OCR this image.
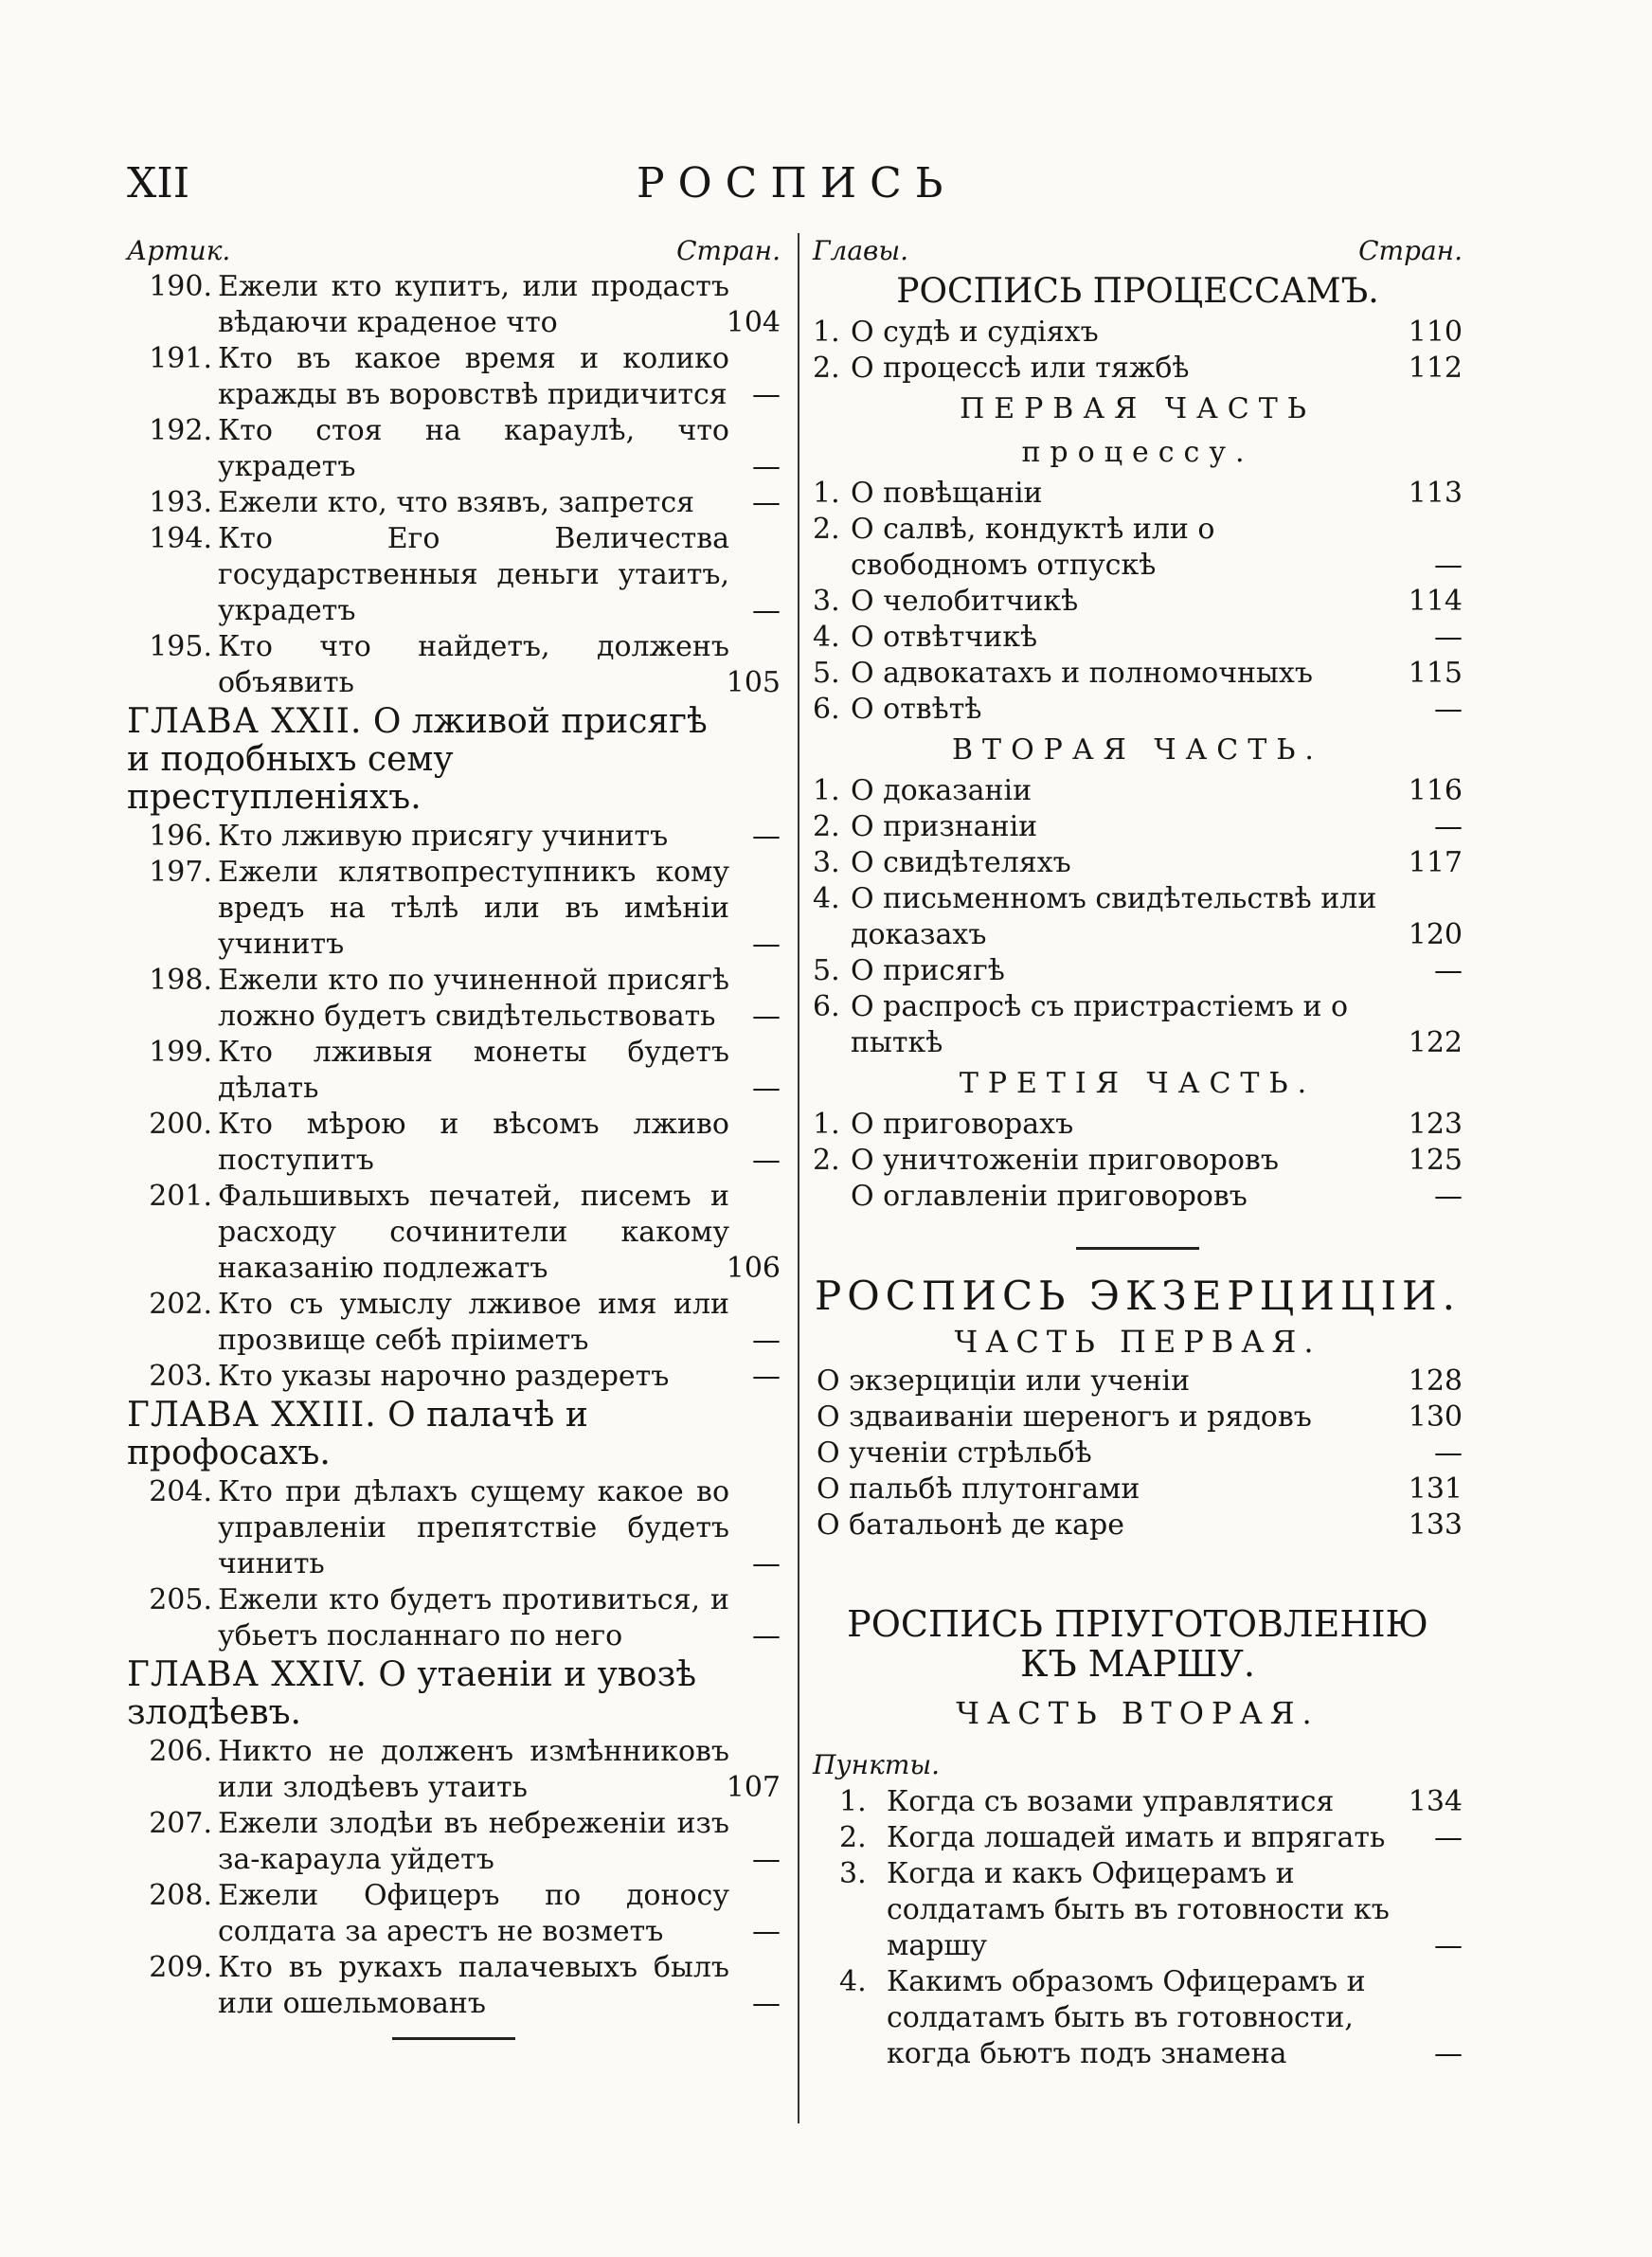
XII	РОСПИСЬ
Артик.	Стран.
190. Ежели кто купитъ, или продастъ вѣдаючи краденое что	104
191. Кто въ какое время и колико кражды въ воровствѣ придичится —
192. Кто стоя на караулѣ, что украдетъ	—
193. Ежели кто, что взявъ, запрется —
194. Кто Его Величества государственныя деньги утаитъ, украдетъ	—
195. Кто что найдетъ, долженъ объявить	105
ГЛАВА XXII. О лживой присягѣ и подобныхъ сему преступленіяхъ.
196. Кто лживую присягу учинитъ	—
197. Ежели клятвопреступникъ кому вредъ на тѣлѣ или въ имѣніи учинитъ	—
198. Ежели кто по учиненной присягѣ ложно будетъ свидѣтельствовать —
199. Кто лживыя монеты будетъ дѣлать	—
200. Кто мѣрою и вѣсомъ лживо поступитъ	—
201. Фальшивыхъ печатей, писемъ и расходу сочинители какому наказанію подлежатъ	106
202. Кто съ умыслу лживое имя или прозвище себѣ пріиметъ	—
203. Кто указы нарочно раздеретъ	—
ГЛАВА XXIII. О палачѣ и профосахъ.
204. Кто при дѣлахъ сущему какое во управленіи препятствіе будетъ чинить	—
205. Ежели кто будетъ противиться, и убьетъ посланнаго по него	—
ГЛАВА XXIV. О утаеніи и увозѣ злодѣевъ.
206. Никто не долженъ измѣнниковъ или злодѣевъ утаить	107
207. Ежели злодѣи въ небреженіи изъ за-караула уйдетъ	—
208. Ежели Офицеръ по доносу солдата за арестъ не возметъ	—
209. Кто въ рукахъ палачевыхъ былъ или ошельмованъ	—
Главы.	Стран.
РОСПИСЬ ПРОЦЕССАМЪ.
1. О судѣ и судіяхъ	110
2. О процессѣ или тяжбѣ	112
ПЕРВАЯ ЧАСТЬ
процессу.
1. О повѣщаніи	113
2. О салвѣ, кондуктѣ или о свободномъ отпускѣ	—
3. О челобитчикѣ	114
4. О отвѣтчикѣ	—
5. О адвокатахъ и полномочныхъ	115
6. О отвѣтѣ	—
ВТОРАЯ ЧАСТЬ.
1. О доказаніи	116
2. О признаніи	—
3. О свидѣтеляхъ	117
4. О письменномъ свидѣтельствѣ или доказахъ	120
5. О присягѣ	—
6. О распросѣ съ пристрастіемъ и о пыткѣ	122
ТРЕТІЯ ЧАСТЬ.
1. О приговорахъ	123
2. О уничтоженіи приговоровъ	125
О оглавленіи приговоровъ	—
РОСПИСЬ ЭКЗЕРЦИЦІИ.
ЧАСТЬ ПЕРВАЯ.
О экзерциціи или ученіи	128
О здваиваніи шереногъ и рядовъ	130
О ученіи стрѣльбѣ	—
О пальбѣ плутонгами	131
О батальонѣ де каре	133
РОСПИСЬ ПРІУГОТОВЛЕНІЮ
КЪ МАРШУ.
ЧАСТЬ ВТОРАЯ.
Пункты.
1. Когда съ возами управлятися	134
2. Когда лошадей имать и впрягать —
3. Когда и какъ Офицерамъ и солдатамъ быть въ готовности къ маршу	—
4. Какимъ образомъ Офицерамъ и солдатамъ быть въ готовности, когда бьютъ подъ знамена	—
